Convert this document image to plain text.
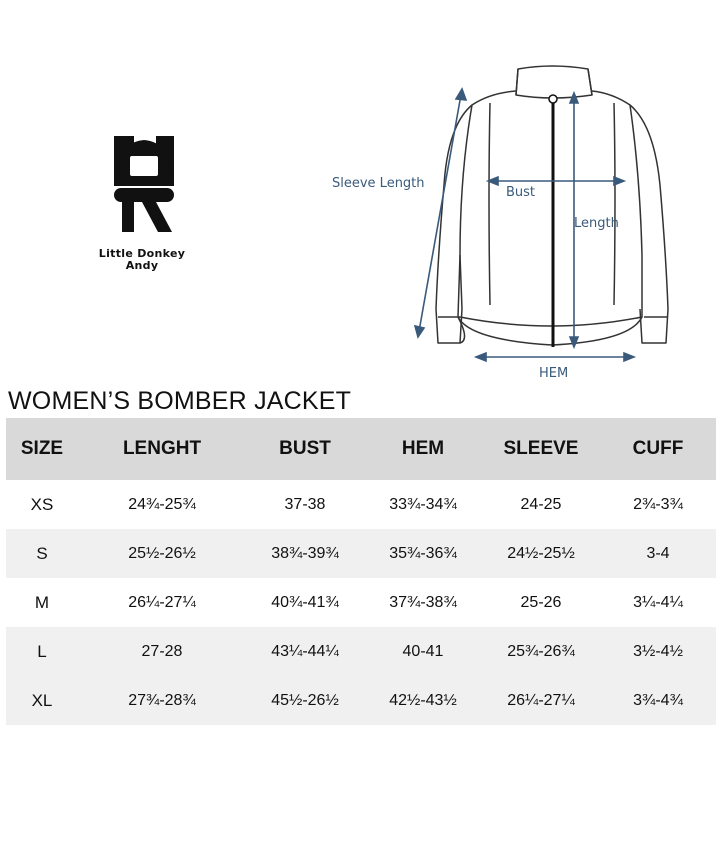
Little Donkey
Andy
Sleeve Length
Bust
Length
HEM
WOMEN’S BOMBER JACKET
SIZE	LENGHT	BUST	HEM	SLEEVE	CUFF
XS	24¾-25¾	37-38	33¾-34¾	24-25	2¾-3¾
S	25½-26½	38¾-39¾	35¾-36¾	24½-25½	3-4
M	26¼-27¼	40¾-41¾	37¾-38¾	25-26	3¼-4¼
L	27-28	43¼-44¼	40-41	25¾-26¾	3½-4½
XL	27¾-28¾	45½-26½	42½-43½	26¼-27¼	3¾-4¾
